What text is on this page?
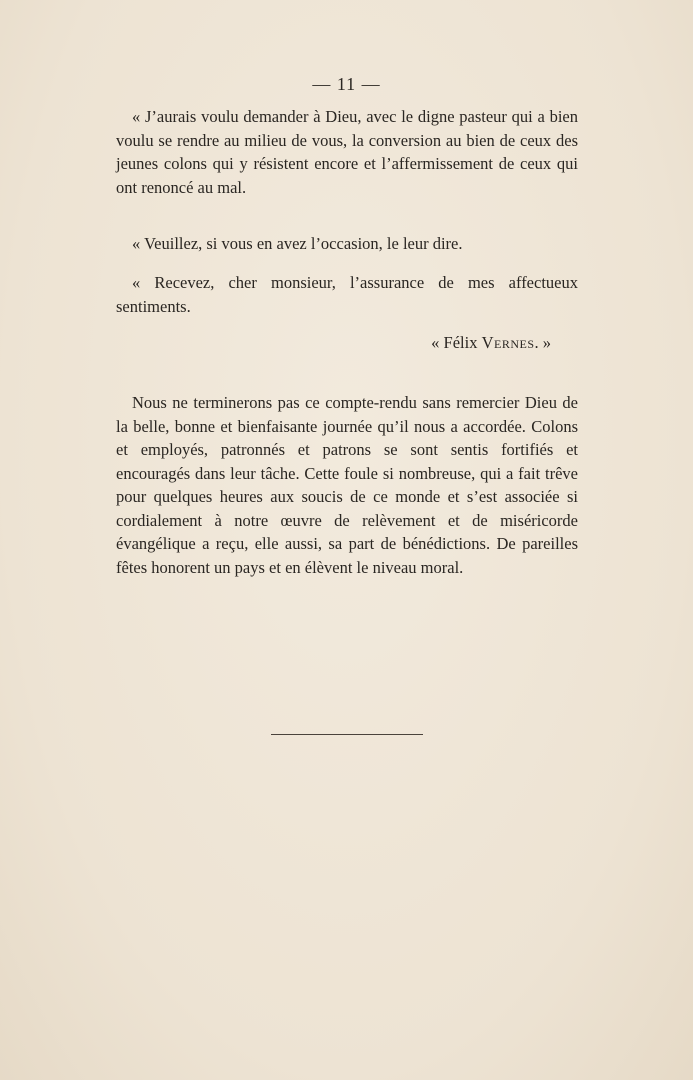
— 11 —
« J’aurais voulu demander à Dieu, avec le digne pasteur qui a bien voulu se rendre au milieu de vous, la conversion au bien de ceux des jeunes colons qui y résistent encore et l’affermissement de ceux qui ont renoncé au mal.
« Veuillez, si vous en avez l’occasion, le leur dire.
« Recevez, cher monsieur, l’assurance de mes affectueux sentiments.
« Félix Vernes. »
Nous ne terminerons pas ce compte-rendu sans remercier Dieu de la belle, bonne et bienfaisante journée qu’il nous a accordée. Colons et employés, patronnés et patrons se sont sentis fortifiés et encouragés dans leur tâche. Cette foule si nombreuse, qui a fait trêve pour quelques heures aux soucis de ce monde et s’est associée si cordialement à notre œuvre de relèvement et de miséricorde évangélique a reçu, elle aussi, sa part de bénédictions. De pareilles fêtes honorent un pays et en élèvent le niveau moral.
